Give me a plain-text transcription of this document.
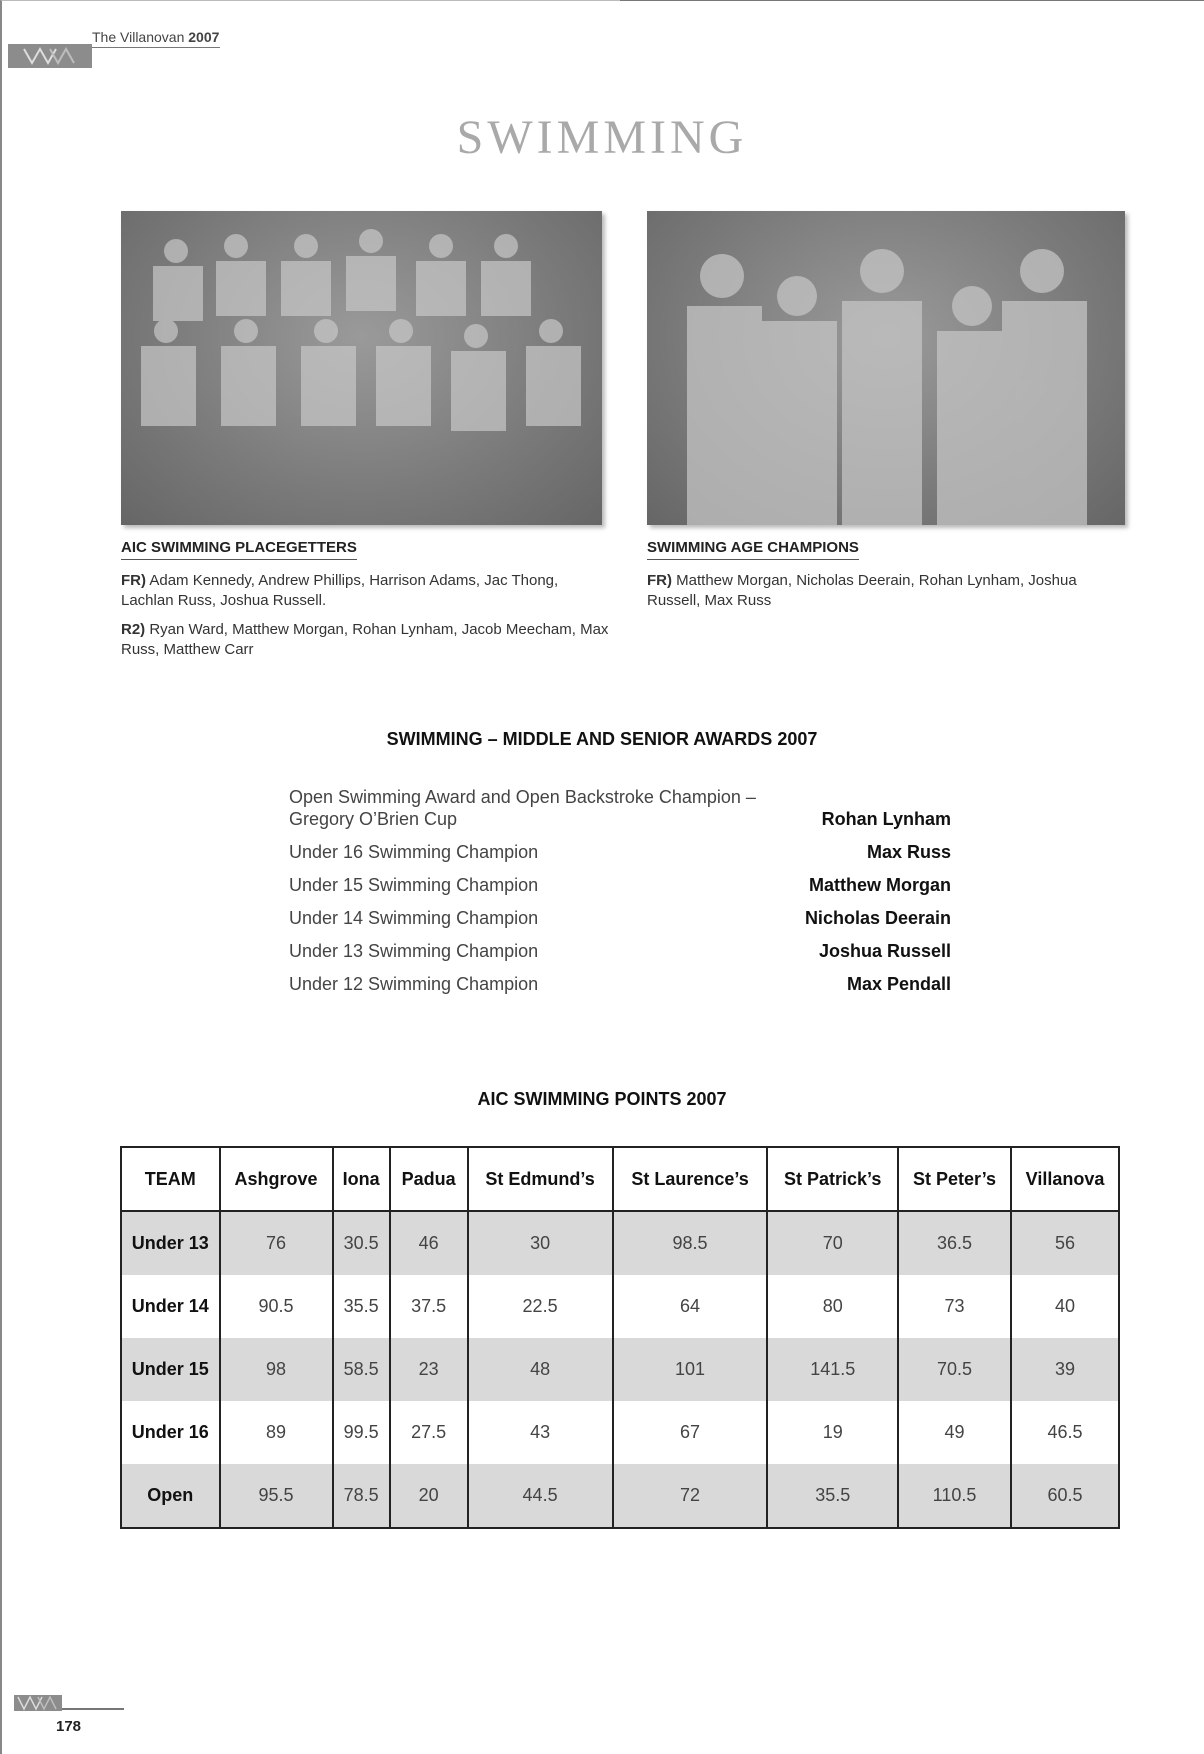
The Villanovan 2007
SWIMMING
AIC SWIMMING PLACEGETTERS	SWIMMING AGE CHAMPIONS
FR) Adam Kennedy, Andrew Phillips, Harrison Adams, Jac Thong, Lachlan Russ, Joshua Russell.
R2) Ryan Ward, Matthew Morgan, Rohan Lynham, Jacob Meecham, Max Russ, Matthew Carr
FR) Matthew Morgan, Nicholas Deerain, Rohan Lynham, Joshua Russell, Max Russ
SWIMMING – MIDDLE AND SENIOR AWARDS 2007
Open Swimming Award and Open Backstroke Champion – Gregory O’Brien Cup	Rohan Lynham
Under 16 Swimming Champion	Max Russ
Under 15 Swimming Champion	Matthew Morgan
Under 14 Swimming Champion	Nicholas Deerain
Under 13 Swimming Champion	Joshua Russell
Under 12 Swimming Champion	Max Pendall
AIC SWIMMING POINTS 2007
TEAM	Ashgrove	Iona	Padua	St Edmund’s	St Laurence’s	St Patrick’s	St Peter’s	Villanova
Under 13	76	30.5	46	30	98.5	70	36.5	56
Under 14	90.5	35.5	37.5	22.5	64	80	73	40
Under 15	98	58.5	23	48	101	141.5	70.5	39
Under 16	89	99.5	27.5	43	67	19	49	46.5
Open	95.5	78.5	20	44.5	72	35.5	110.5	60.5
178
